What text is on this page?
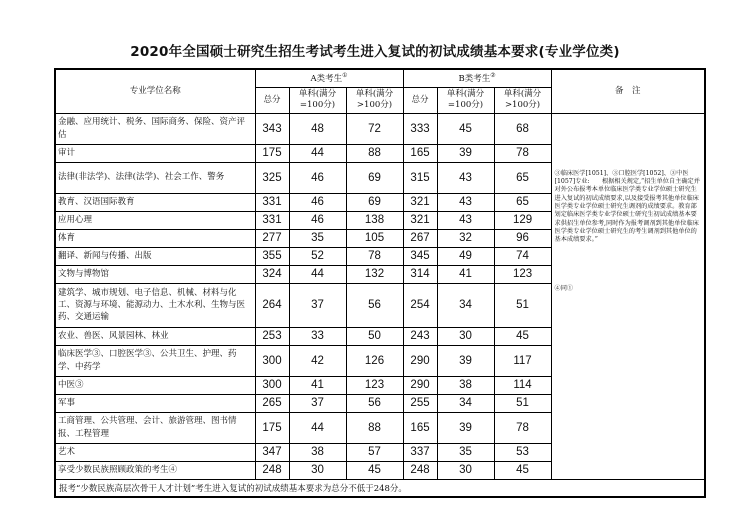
2020年全国硕士研究生招生考试考生进入复试的初试成绩基本要求(专业学位类)
专业学位名称	A类考生①			B类考生②			备　注
	总分	单科(满分=100分)	单科(满分>100分)	总分	单科(满分=100分)	单科(满分>100分)	
金融、应用统计、税务、国际商务、保险、资产评估	343	48	72	333	45	68	③临床医学[1051]、③口腔医学[1052]、③中医[1057]专业:　　根据相关规定,“招生单位自主确定并对外公布报考本单位临床医学类专业学位硕士研究生进入复试的初试成绩要求,以及接受报考其他单位临床医学类专业学位硕士研究生调剂的成绩要求。教育部划定临床医学类专业学位硕士研究生初试成绩基本要求供招生单位参考,同时作为报考调剂到其他单位临床医学类专业学位硕士研究生的考生调剂到其他单位的基本成绩要求。”

④同①

审计	175	44	88	165	39	78	
法律(非法学)、法律(法学)、社会工作、警务	325	46	69	315	43	65	
教育、汉语国际教育	331	46	69	321	43	65	
应用心理	331	46	138	321	43	129	
体育	277	35	105	267	32	96	
翻译、新闻与传播、出版	355	52	78	345	49	74	
文物与博物馆	324	44	132	314	41	123	
建筑学、城市规划、电子信息、机械、材料与化工、资源与环境、能源动力、土木水利、生物与医药、交通运输	264	37	56	254	34	51	
农业、兽医、风景园林、林业	253	33	50	243	30	45	
临床医学③、口腔医学③、公共卫生、护理、药学、中药学	300	42	126	290	39	117	
中医③	300	41	123	290	38	114	
军事	265	37	56	255	34	51	
工商管理、公共管理、会计、旅游管理、图书情报、工程管理	175	44	88	165	39	78	
艺术	347	38	57	337	35	53	
享受少数民族照顾政策的考生④	248	30	45	248	30	45	
报考“少数民族高层次骨干人才计划”考生进入复试的初试成绩基本要求为总分不低于248分。							
